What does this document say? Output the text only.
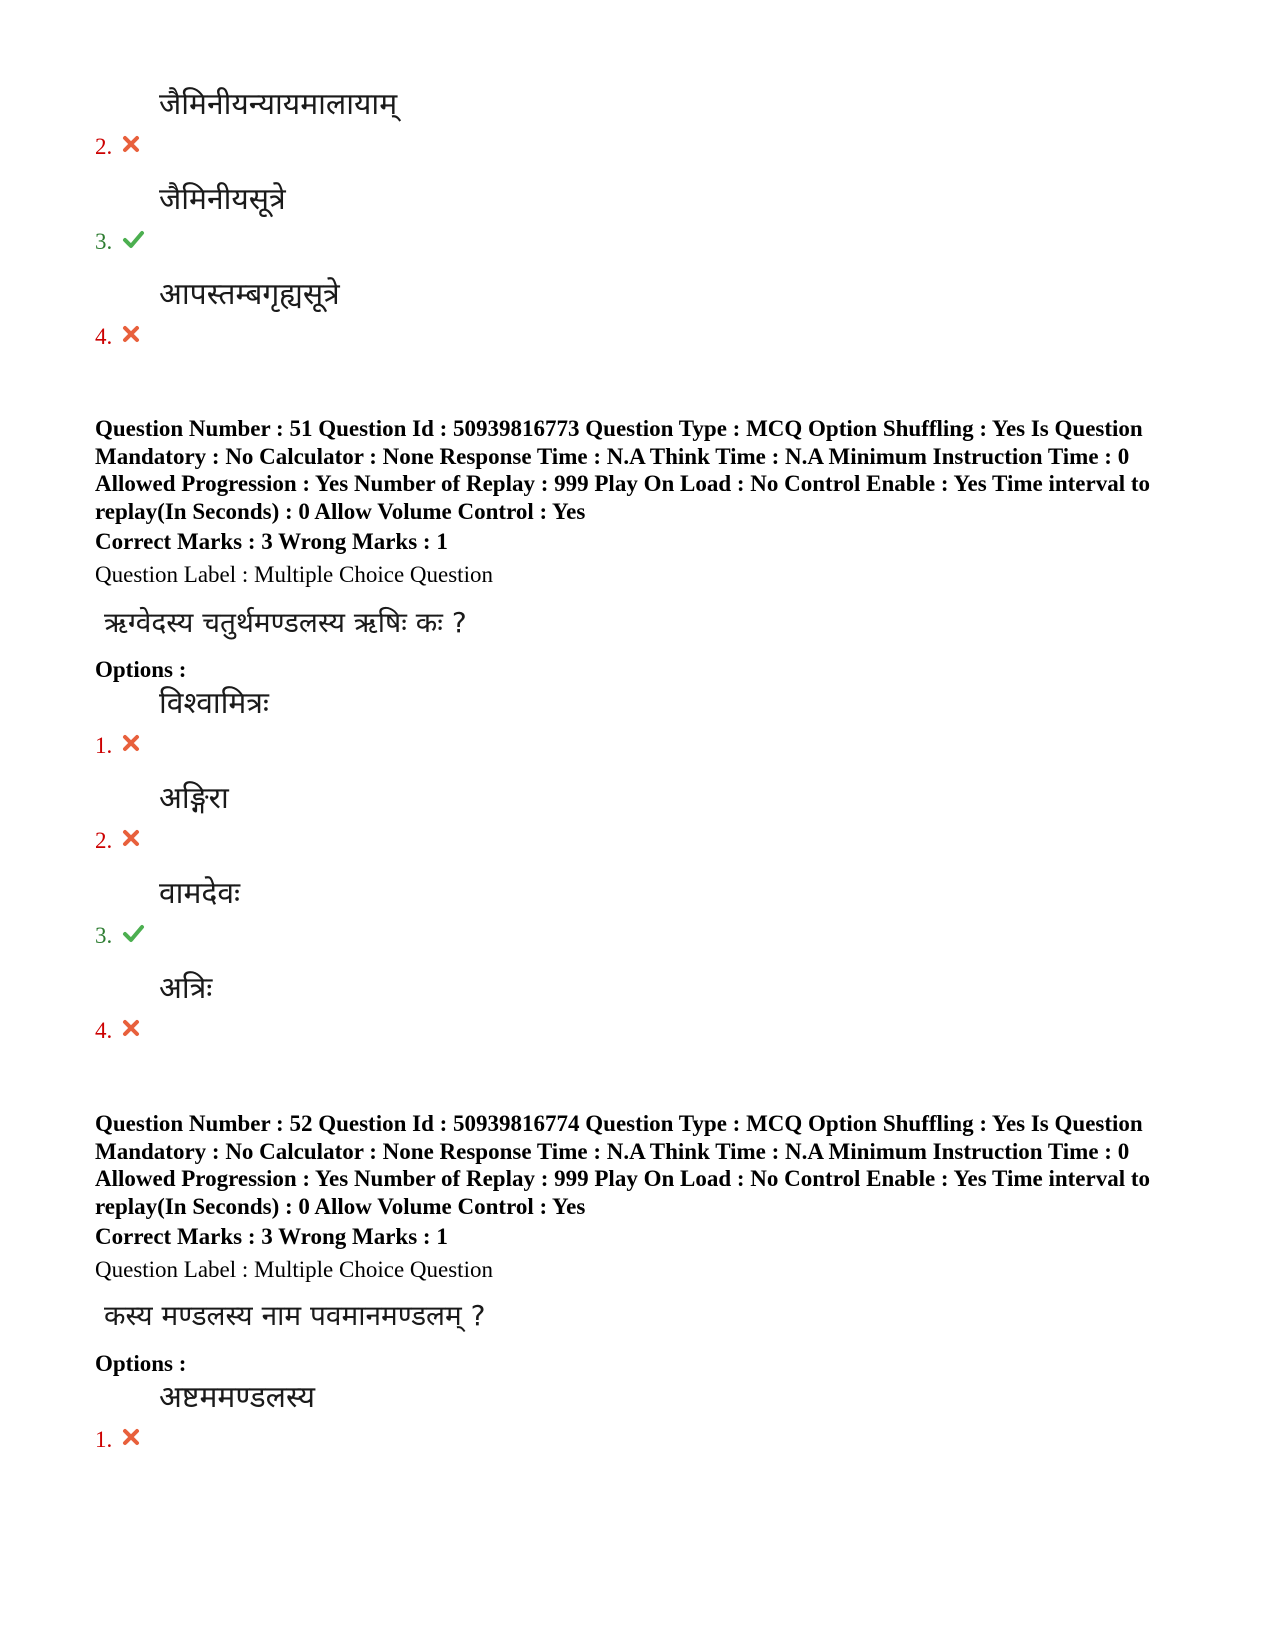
2.
जैमिनीयन्यायमालायाम्
3.
जैमिनीयसूत्रे
4.
आपस्तम्बगृह्यसूत्रे
Question Number : 51 Question Id : 50939816773 Question Type : MCQ Option Shuffling : Yes Is Question Mandatory : No Calculator : None Response Time : N.A Think Time : N.A Minimum Instruction Time : 0 Allowed Progression : Yes Number of Replay : 999 Play On Load : No Control Enable : Yes Time interval to replay(In Seconds) : 0 Allow Volume Control : Yes
Correct Marks : 3 Wrong Marks : 1
Question Label : Multiple Choice Question
ऋग्वेदस्य चतुर्थमण्डलस्य ऋषिः कः ?
Options :
1.
विश्वामित्रः
2.
अङ्गिरा
3.
वामदेवः
4.
अत्रिः
Question Number : 52 Question Id : 50939816774 Question Type : MCQ Option Shuffling : Yes Is Question Mandatory : No Calculator : None Response Time : N.A Think Time : N.A Minimum Instruction Time : 0 Allowed Progression : Yes Number of Replay : 999 Play On Load : No Control Enable : Yes Time interval to replay(In Seconds) : 0 Allow Volume Control : Yes
Correct Marks : 3 Wrong Marks : 1
Question Label : Multiple Choice Question
कस्य मण्डलस्य नाम पवमानमण्डलम् ?
Options :
1.
अष्टममण्डलस्य
